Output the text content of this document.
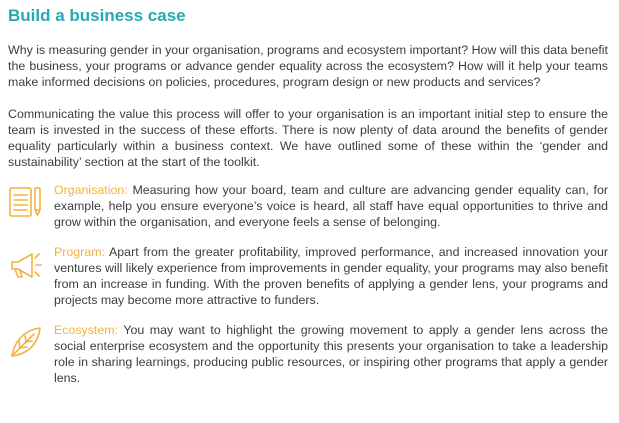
Build a business case

Why is measuring gender in your organisation, programs and ecosystem important? How will this data benefit the business, your programs or advance gender equality across the ecosystem? How will it help your teams make informed decisions on policies, procedures, program design or new products and services?

Communicating the value this process will offer to your organisation is an important initial step to ensure the team is invested in the success of these efforts. There is now plenty of data around the benefits of gender equality particularly within a business context. We have outlined some of these within the ‘gender and sustainability’ section at the start of the toolkit.

Organisation: Measuring how your board, team and culture are advancing gender equality can, for example, help you ensure everyone’s voice is heard, all staff have equal opportunities to thrive and grow within the organisation, and everyone feels a sense of belonging.

Program: Apart from the greater profitability, improved performance, and increased innovation your ventures will likely experience from improvements in gender equality, your programs may also benefit from an increase in funding. With the proven benefits of applying a gender lens, your programs and projects may become more attractive to funders.

Ecosystem: You may want to highlight the growing movement to apply a gender lens across the social enterprise ecosystem and the opportunity this presents your organisation to take a leadership role in sharing learnings, producing public resources, or inspiring other programs that apply a gender lens.
